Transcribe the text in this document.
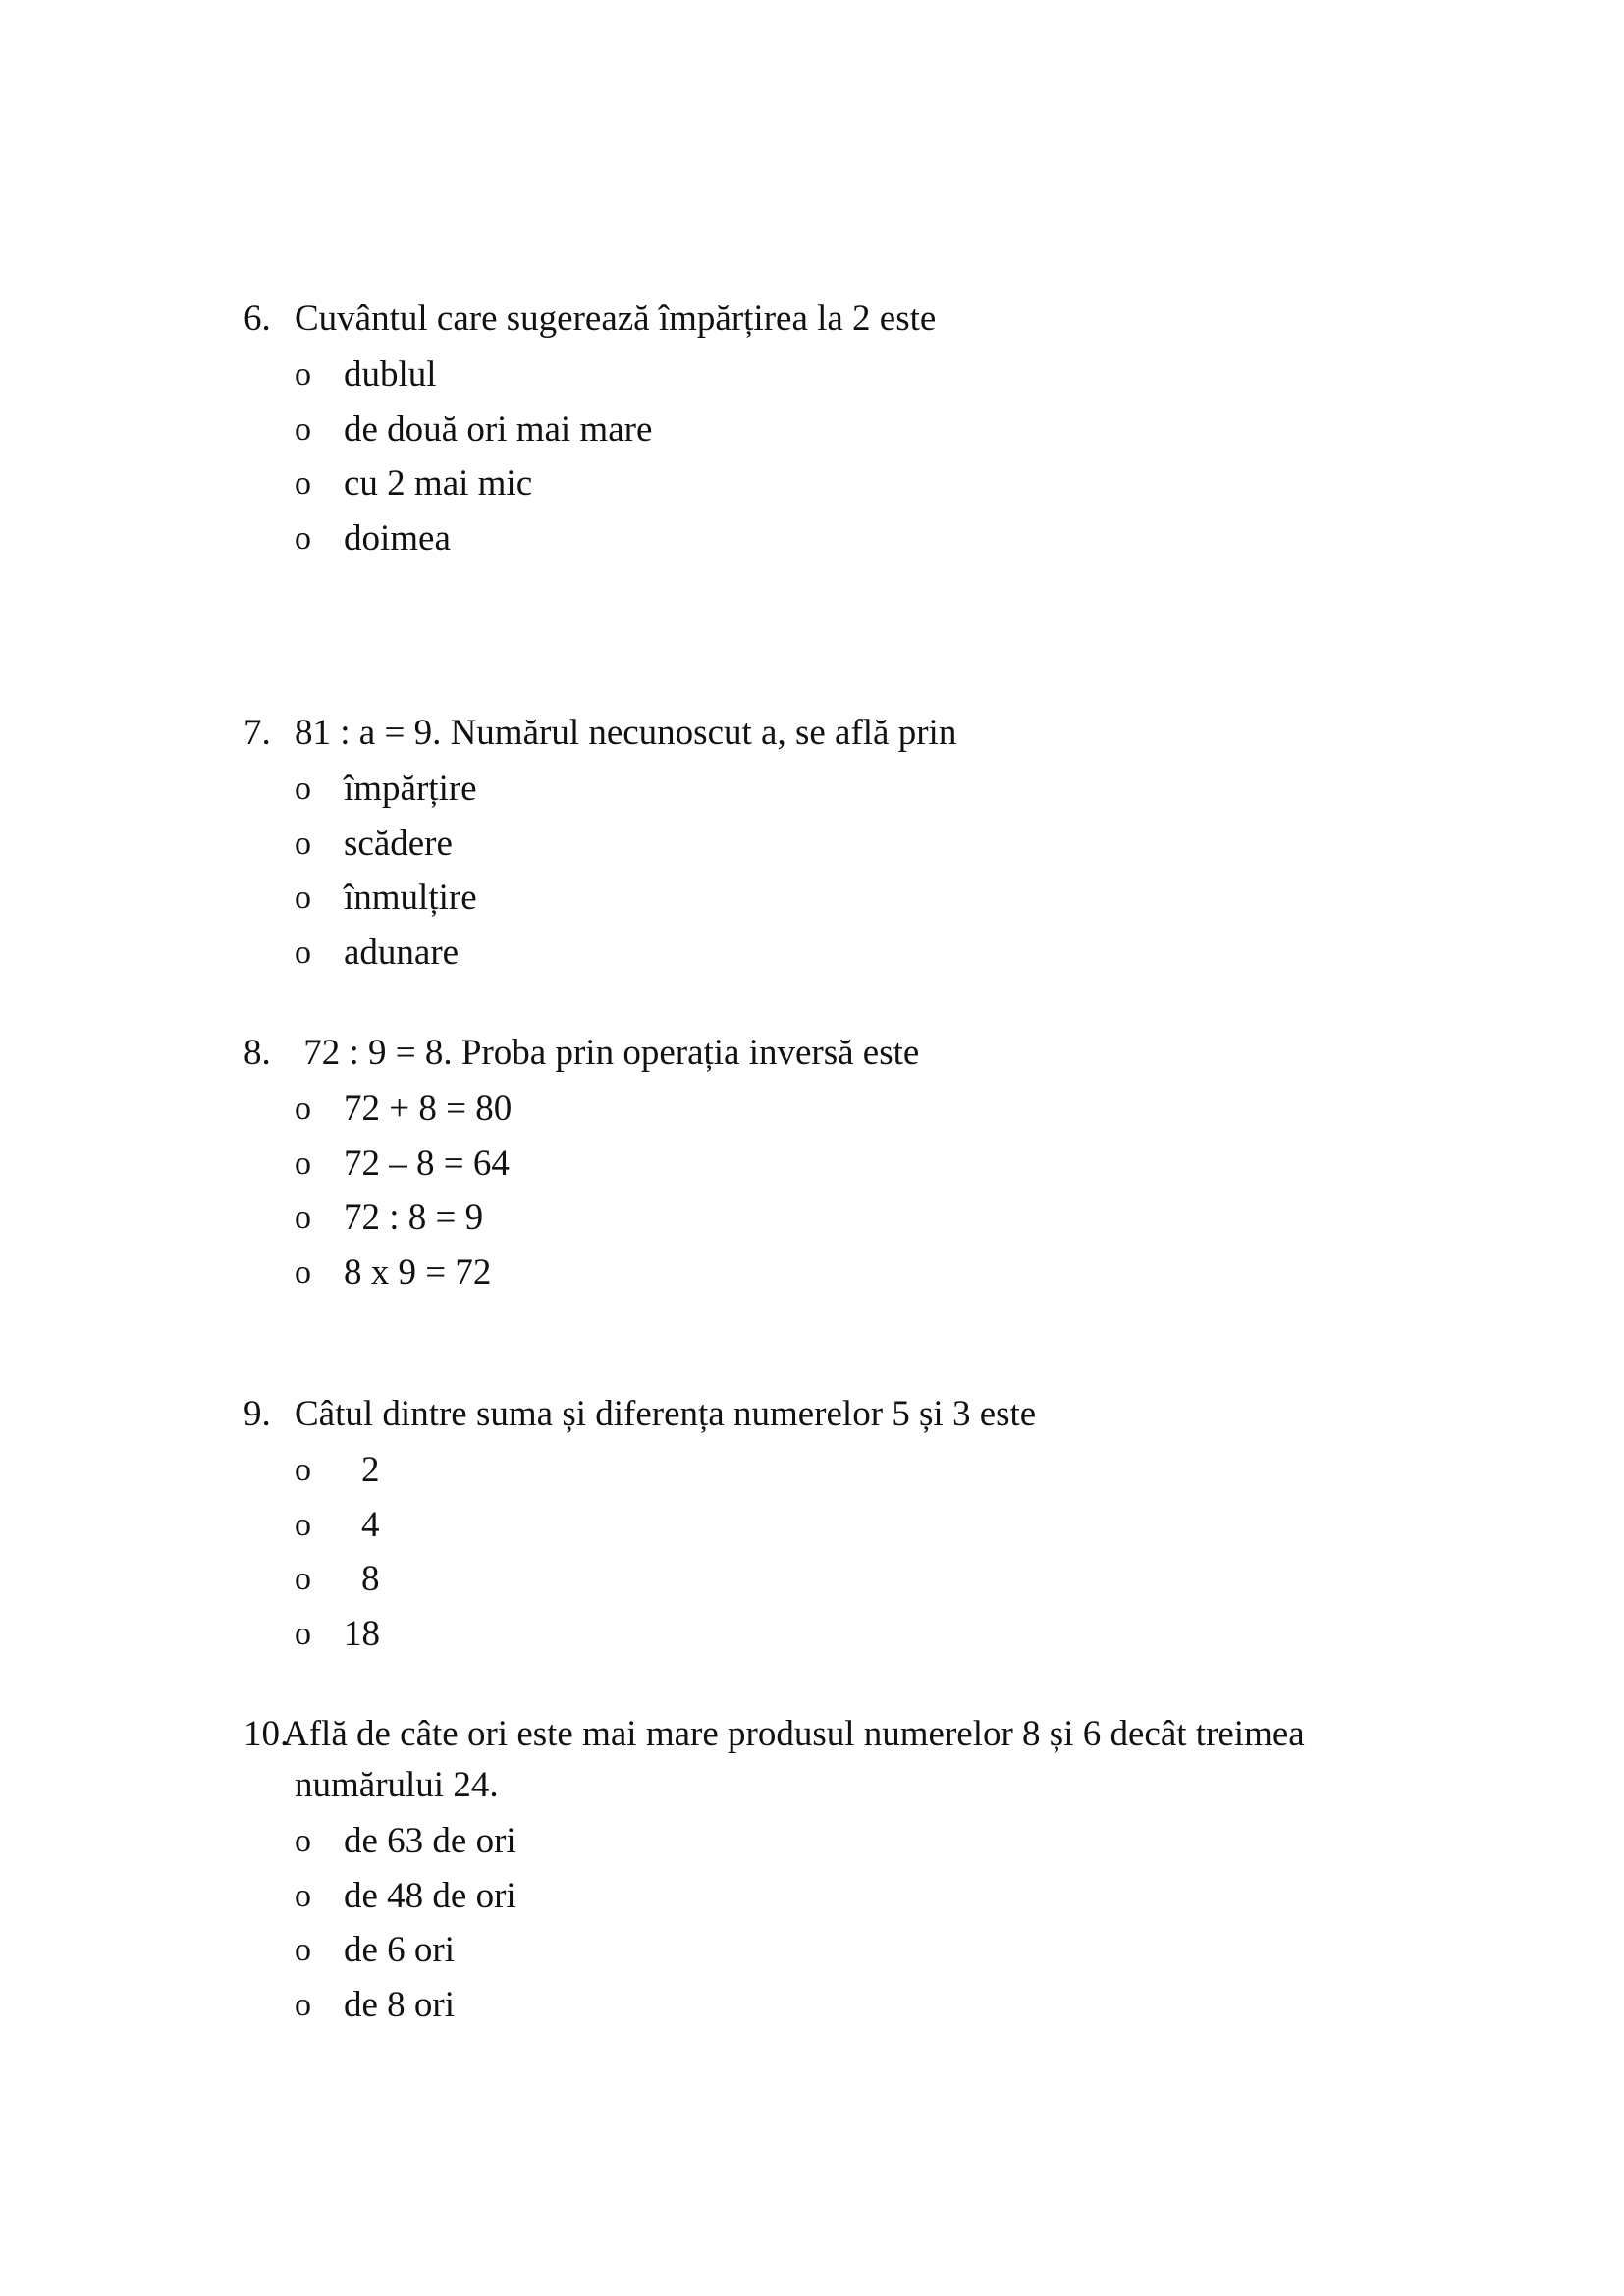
6. Cuvântul care sugerează împărțirea la 2 este
o dublul
o de două ori mai mare
o cu 2 mai mic
o doimea
7. 81 : a = 9. Numărul necunoscut a, se află prin
o împărțire
o scădere
o înmulțire
o adunare
8. 72 : 9 = 8. Proba prin operația inversă este
o 72 + 8 = 80
o 72 – 8 = 64
o 72 : 8 = 9
o 8 x 9 = 72
9. Câtul dintre suma și diferența numerelor 5 și 3 este
o 2
o 4
o 8
o 18
10.
Află de câte ori este mai mare produsul numerelor 8 și 6 decât treimea
numărului 24.
o de 63 de ori
o de 48 de ori
o de 6 ori
o de 8 ori
